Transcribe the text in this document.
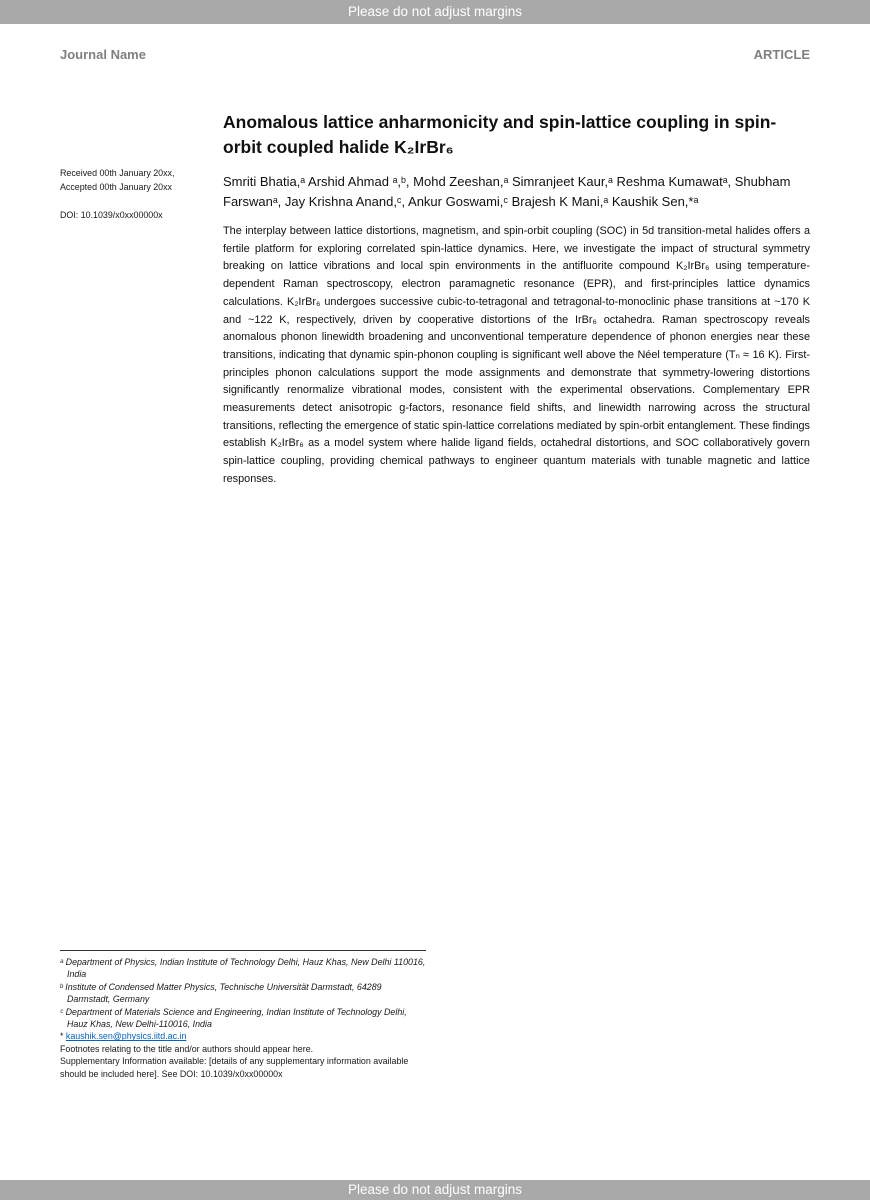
Please do not adjust margins
Journal Name	ARTICLE
Received 00th January 20xx,
Accepted 00th January 20xx
DOI: 10.1039/x0xx00000x
Anomalous lattice anharmonicity and spin-lattice coupling in spin-orbit coupled halide K₂IrBr₆

Smriti Bhatia,ᵃ Arshid Ahmad ᵃ,ᵇ, Mohd Zeeshan,ᵃ Simranjeet Kaur,ᵃ Reshma Kumawatᵃ, Shubham Farswanᵃ, Jay Krishna Anand,ᶜ, Ankur Goswami,ᶜ Brajesh K Mani,ᵃ Kaushik Sen,*ᵃ

The interplay between lattice distortions, magnetism, and spin-orbit coupling (SOC) in 5d transition-metal halides offers a fertile platform for exploring correlated spin-lattice dynamics. Here, we investigate the impact of structural symmetry breaking on lattice vibrations and local spin environments in the antifluorite compound K₂IrBr₆ using temperature-dependent Raman spectroscopy, electron paramagnetic resonance (EPR), and first-principles lattice dynamics calculations. K₂IrBr₆ undergoes successive cubic-to-tetragonal and tetragonal-to-monoclinic phase transitions at ~170 K and ~122 K, respectively, driven by cooperative distortions of the IrBr₆ octahedra. Raman spectroscopy reveals anomalous phonon linewidth broadening and unconventional temperature dependence of phonon energies near these transitions, indicating that dynamic spin-phonon coupling is significant well above the Néel temperature (Tₙ ≈ 16 K). First-principles phonon calculations support the mode assignments and demonstrate that symmetry-lowering distortions significantly renormalize vibrational modes, consistent with the experimental observations. Complementary EPR measurements detect anisotropic g-factors, resonance field shifts, and linewidth narrowing across the structural transitions, reflecting the emergence of static spin-lattice correlations mediated by spin-orbit entanglement. These findings establish K₂IrBr₆ as a model system where halide ligand fields, octahedral distortions, and SOC collaboratively govern spin-lattice coupling, providing chemical pathways to engineer quantum materials with tunable magnetic and lattice responses.

ᵃ Department of Physics, Indian Institute of Technology Delhi, Hauz Khas, New Delhi 110016, India
ᵇ Institute of Condensed Matter Physics, Technische Universität Darmstadt, 64289 Darmstadt, Germany
ᶜ Department of Materials Science and Engineering, Indian Institute of Technology Delhi, Hauz Khas, New Delhi-110016, India
* kaushik.sen@physics.iitd.ac.in
Footnotes relating to the title and/or authors should appear here.
Supplementary Information available: [details of any supplementary information available should be included here]. See DOI: 10.1039/x0xx00000x
Please do not adjust margins
